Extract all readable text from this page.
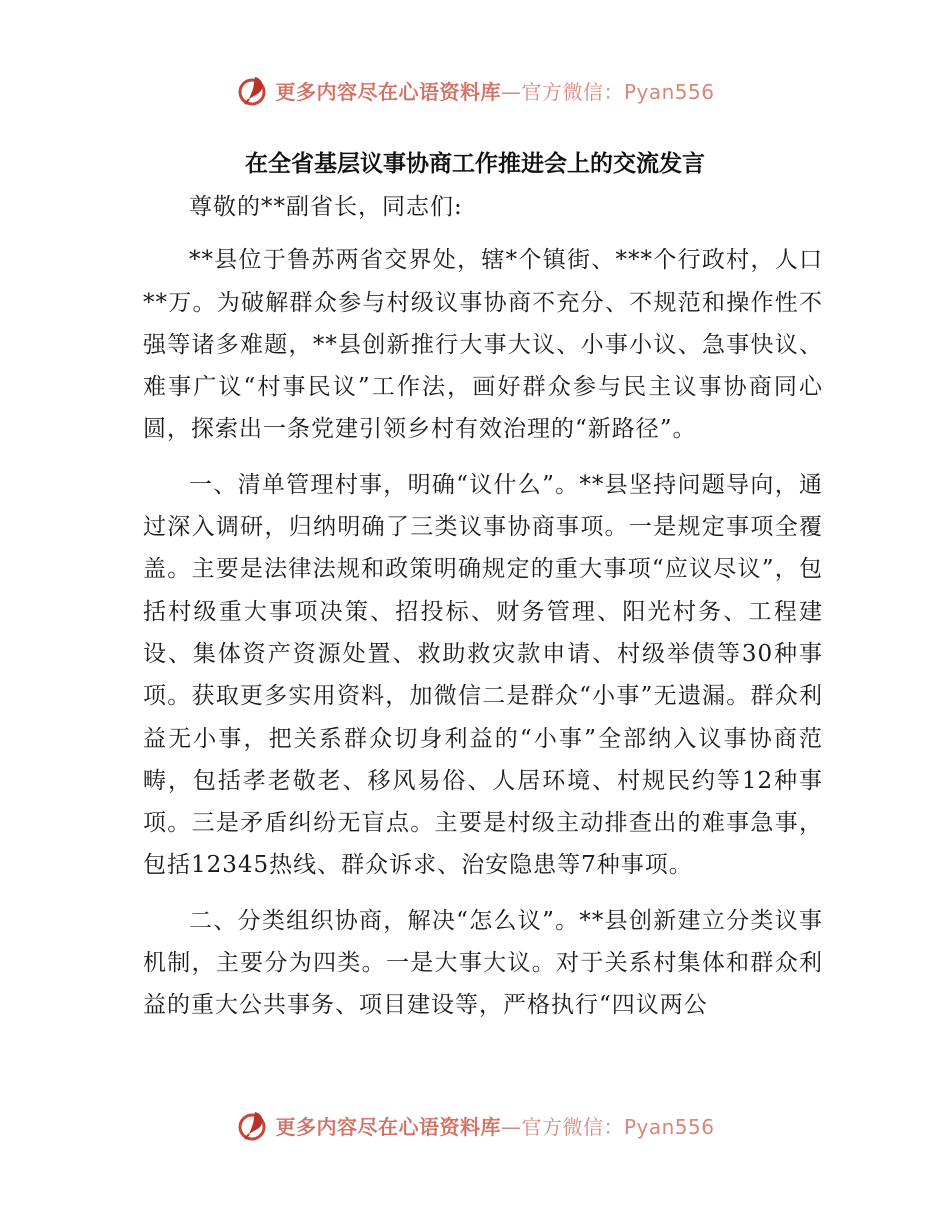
更多内容尽在心语资料库—官方微信：Pyan556
在全省基层议事协商工作推进会上的交流发言

尊敬的**副省长，同志们:

**县位于鲁苏两省交界处，辖*个镇街、***个行政村，人口**万。为破解群众参与村级议事协商不充分、不规范和操作性不强等诸多难题，**县创新推行大事大议、小事小议、急事快议、难事广议“村事民议”工作法，画好群众参与民主议事协商同心圆，探索出一条党建引领乡村有效治理的“新路径”。

一、清单管理村事，明确“议什么”。**县坚持问题导向，通过深入调研，归纳明确了三类议事协商事项。一是规定事项全覆盖。主要是法律法规和政策明确规定的重大事项“应议尽议”，包括村级重大事项决策、招投标、财务管理、阳光村务、工程建设、集体资产资源处置、救助救灾款申请、村级举债等30种事项。获取更多实用资料，加微信二是群众“小事”无遗漏。群众利益无小事，把关系群众切身利益的“小事”全部纳入议事协商范畴，包括孝老敬老、移风易俗、人居环境、村规民约等12种事项。三是矛盾纠纷无盲点。主要是村级主动排查出的难事急事，包括12345热线、群众诉求、治安隐患等7种事项。

二、分类组织协商，解决“怎么议”。**县创新建立分类议事机制，主要分为四类。一是大事大议。对于关系村集体和群众利益的重大公共事务、项目建设等，严格执行“四议两公

更多内容尽在心语资料库—官方微信：Pyan556
